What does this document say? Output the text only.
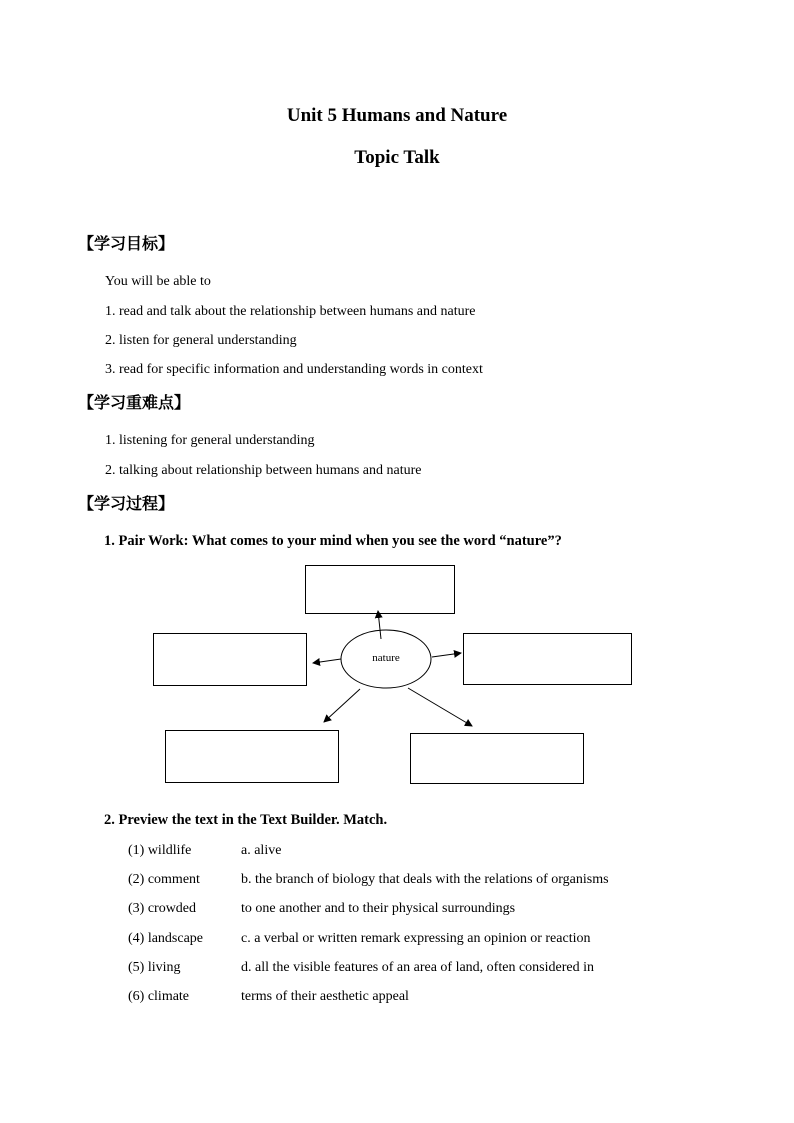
Unit 5 Humans and Nature
Topic Talk
【学习目标】
You will be able to
1. read and talk about the relationship between humans and nature
2. listen for general understanding
3. read for specific information and understanding words in context
【学习重难点】
1. listening for general understanding
2. talking about relationship between humans and nature
【学习过程】
1. Pair Work: What comes to your mind when you see the word “nature”?
nature
2. Preview the text in the Text Builder. Match.
(1) wildlife
(2) comment
(3) crowded
(4) landscape
(5) living
(6) climate
a. alive
b. the branch of biology that deals with the relations of organisms
to one another and to their physical surroundings
c. a verbal or written remark expressing an opinion or reaction
d. all the visible features of an area of land, often considered in
terms of their aesthetic appeal
